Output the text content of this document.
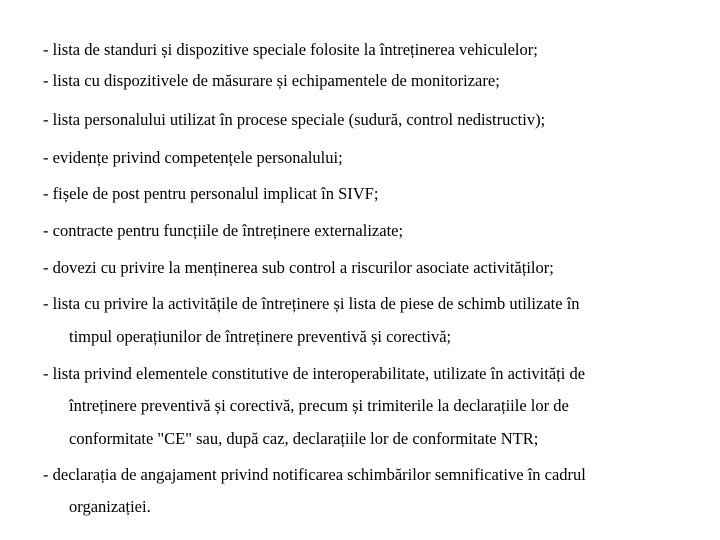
- lista de standuri și dispozitive speciale folosite la întreținerea vehiculelor;
- lista cu dispozitivele de măsurare și echipamentele de monitorizare;
- lista personalului utilizat în procese speciale (sudură, control nedistructiv);
- evidențe privind competențele personalului;
- fișele de post pentru personalul implicat în SIVF;
- contracte pentru funcțiile de întreținere externalizate;
- dovezi cu privire la menținerea sub control a riscurilor asociate activităților;
- lista cu privire la activitățile de întreținere și lista de piese de schimb utilizate în
timpul operațiunilor de întreținere preventivă și corectivă;
- lista privind elementele constitutive de interoperabilitate, utilizate în activități de
întreținere preventivă și corectivă, precum și trimiterile la declarațiile lor de
conformitate "CE" sau, după caz, declarațiile lor de conformitate NTR;
- declarația de angajament privind notificarea schimbărilor semnificative în cadrul
organizației.
